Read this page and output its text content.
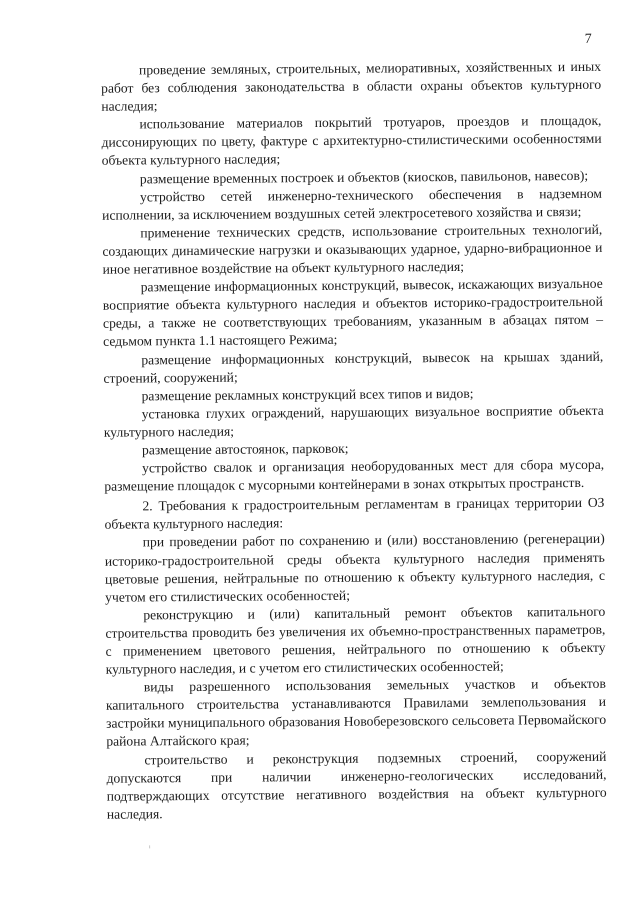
7

проведение земляных, строительных, мелиоративных, хозяйственных и иных работ без соблюдения законодательства в области охраны объектов культурного наследия;

использование материалов покрытий тротуаров, проездов и площадок, диссонирующих по цвету, фактуре с архитектурно-стилистическими особенностями объекта культурного наследия;

размещение временных построек и объектов (киосков, павильонов, навесов);

устройство сетей инженерно-технического обеспечения в надземном исполнении, за исключением воздушных сетей электросетевого хозяйства и связи;

применение технических средств, использование строительных технологий, создающих динамические нагрузки и оказывающих ударное, ударно-вибрационное и иное негативное воздействие на объект культурного наследия;

размещение информационных конструкций, вывесок, искажающих визуальное восприятие объекта культурного наследия и объектов историко-градостроительной среды, а также не соответствующих требованиям, указанным в абзацах пятом – седьмом пункта 1.1 настоящего Режима;

размещение информационных конструкций, вывесок на крышах зданий, строений, сооружений;

размещение рекламных конструкций всех типов и видов;

установка глухих ограждений, нарушающих визуальное восприятие объекта культурного наследия;

размещение автостоянок, парковок;

устройство свалок и организация необорудованных мест для сбора мусора, размещение площадок с мусорными контейнерами в зонах открытых пространств.

2. Требования к градостроительным регламентам в границах территории ОЗ объекта культурного наследия:

при проведении работ по сохранению и (или) восстановлению (регенерации) историко-градостроительной среды объекта культурного наследия применять цветовые решения, нейтральные по отношению к объекту культурного наследия, с учетом его стилистических особенностей;

реконструкцию и (или) капитальный ремонт объектов капитального строительства проводить без увеличения их объемно-пространственных параметров, с применением цветового решения, нейтрального по отношению к объекту культурного наследия, и с учетом его стилистических особенностей;

виды разрешенного использования земельных участков и объектов капитального строительства устанавливаются Правилами землепользования и застройки муниципального образования Новоберезовского сельсовета Первомайского района Алтайского края;

строительство и реконструкция подземных строений, сооружений допускаются при наличии инженерно-геологических исследований, подтверждающих отсутствие негативного воздействия на объект культурного наследия.
